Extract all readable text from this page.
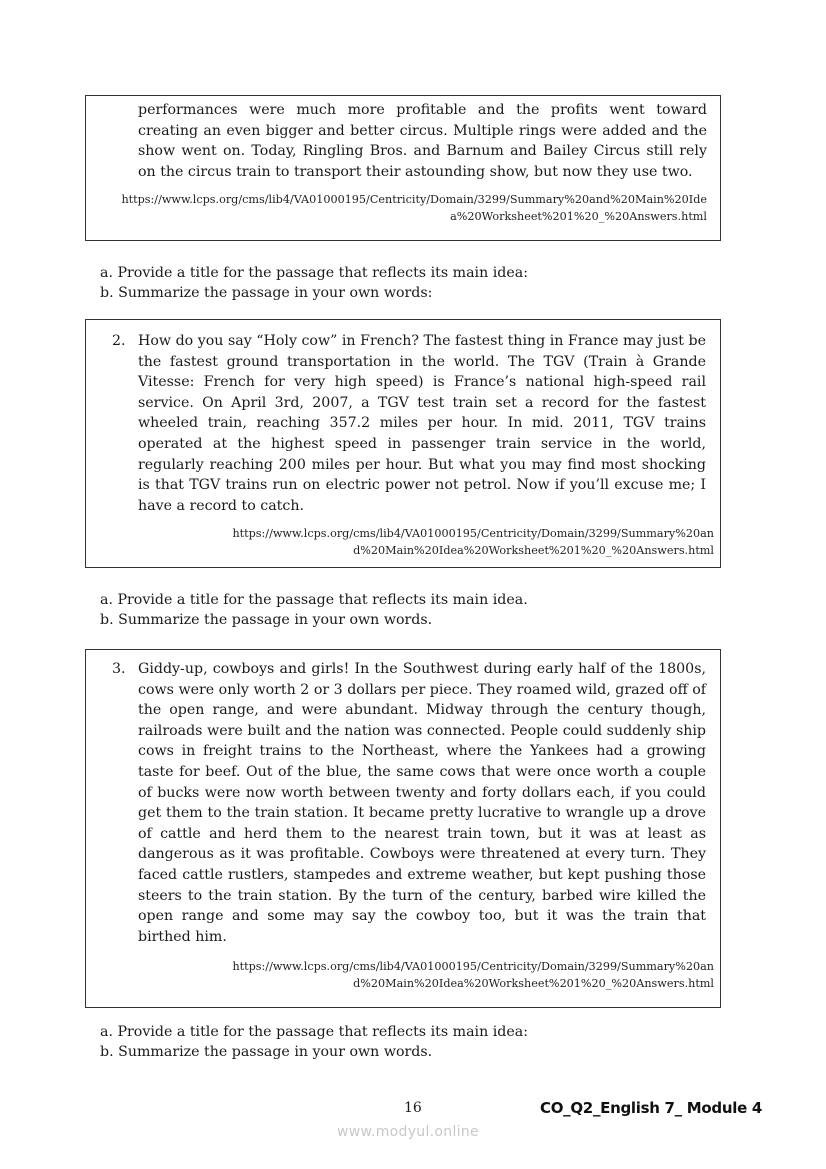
performances were much more profitable and the profits went toward creating an even bigger and better circus. Multiple rings were added and the show went on. Today, Ringling Bros. and Barnum and Bailey Circus still rely on the circus train to transport their astounding show, but now they use two.

https://www.lcps.org/cms/lib4/VA01000195/Centricity/Domain/3299/Summary%20and%20Main%20Idea%20Worksheet%201%20_%20Answers.html

a. Provide a title for the passage that reflects its main idea:
b. Summarize the passage in your own words:
2. How do you say “Holy cow” in French? The fastest thing in France may just be the fastest ground transportation in the world. The TGV (Train à Grande Vitesse: French for very high speed) is France’s national high-speed rail service. On April 3rd, 2007, a TGV test train set a record for the fastest wheeled train, reaching 357.2 miles per hour. In mid. 2011, TGV trains operated at the highest speed in passenger train service in the world, regularly reaching 200 miles per hour. But what you may find most shocking is that TGV trains run on electric power not petrol. Now if you’ll excuse me; I have a record to catch.

https://www.lcps.org/cms/lib4/VA01000195/Centricity/Domain/3299/Summary%20and%20Main%20Idea%20Worksheet%201%20_%20Answers.html

a. Provide a title for the passage that reflects its main idea.
b. Summarize the passage in your own words.
3. Giddy-up, cowboys and girls! In the Southwest during early half of the 1800s, cows were only worth 2 or 3 dollars per piece. They roamed wild, grazed off of the open range, and were abundant. Midway through the century though, railroads were built and the nation was connected. People could suddenly ship cows in freight trains to the Northeast, where the Yankees had a growing taste for beef. Out of the blue, the same cows that were once worth a couple of bucks were now worth between twenty and forty dollars each, if you could get them to the train station. It became pretty lucrative to wrangle up a drove of cattle and herd them to the nearest train town, but it was at least as dangerous as it was profitable. Cowboys were threatened at every turn. They faced cattle rustlers, stampedes and extreme weather, but kept pushing those steers to the train station. By the turn of the century, barbed wire killed the open range and some may say the cowboy too, but it was the train that birthed him.

https://www.lcps.org/cms/lib4/VA01000195/Centricity/Domain/3299/Summary%20and%20Main%20Idea%20Worksheet%201%20_%20Answers.html

a. Provide a title for the passage that reflects its main idea:
b. Summarize the passage in your own words.
16	CO_Q2_English 7_ Module 4
www.modyul.online
